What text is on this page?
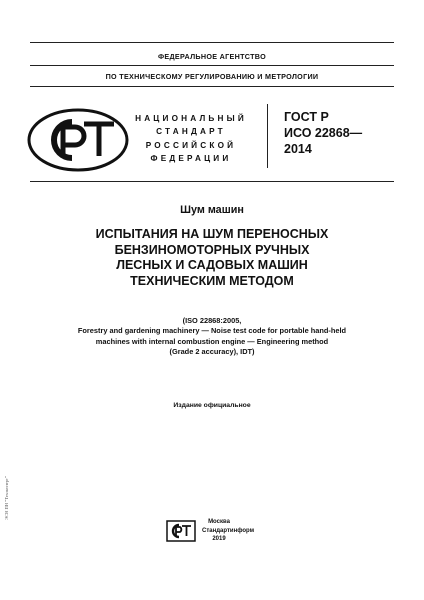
ФЕДЕРАЛЬНОЕ АГЕНТСТВО
ПО ТЕХНИЧЕСКОМУ РЕГУЛИРОВАНИЮ И МЕТРОЛОГИИ
НАЦИОНАЛЬНЫЙ
СТАНДАРТ
РОССИЙСКОЙ
ФЕДЕРАЦИИ
ГОСТ Р
ИСО 22868—
2014
Шум машин
ИСПЫТАНИЯ НА ШУМ ПЕРЕНОСНЫХ
БЕНЗИНОМОТОРНЫХ РУЧНЫХ
ЛЕСНЫХ И САДОВЫХ МАШИН
ТЕХНИЧЕСКИМ МЕТОДОМ
(ISO 22868:2005,
Forestry and gardening machinery — Noise test code for portable hand-held
machines with internal combustion engine — Engineering method
(Grade 2 accuracy), IDT)
Издание официальное
Москва
Стандартинформ
2019
ЭСН ПН "Техэксперт"
